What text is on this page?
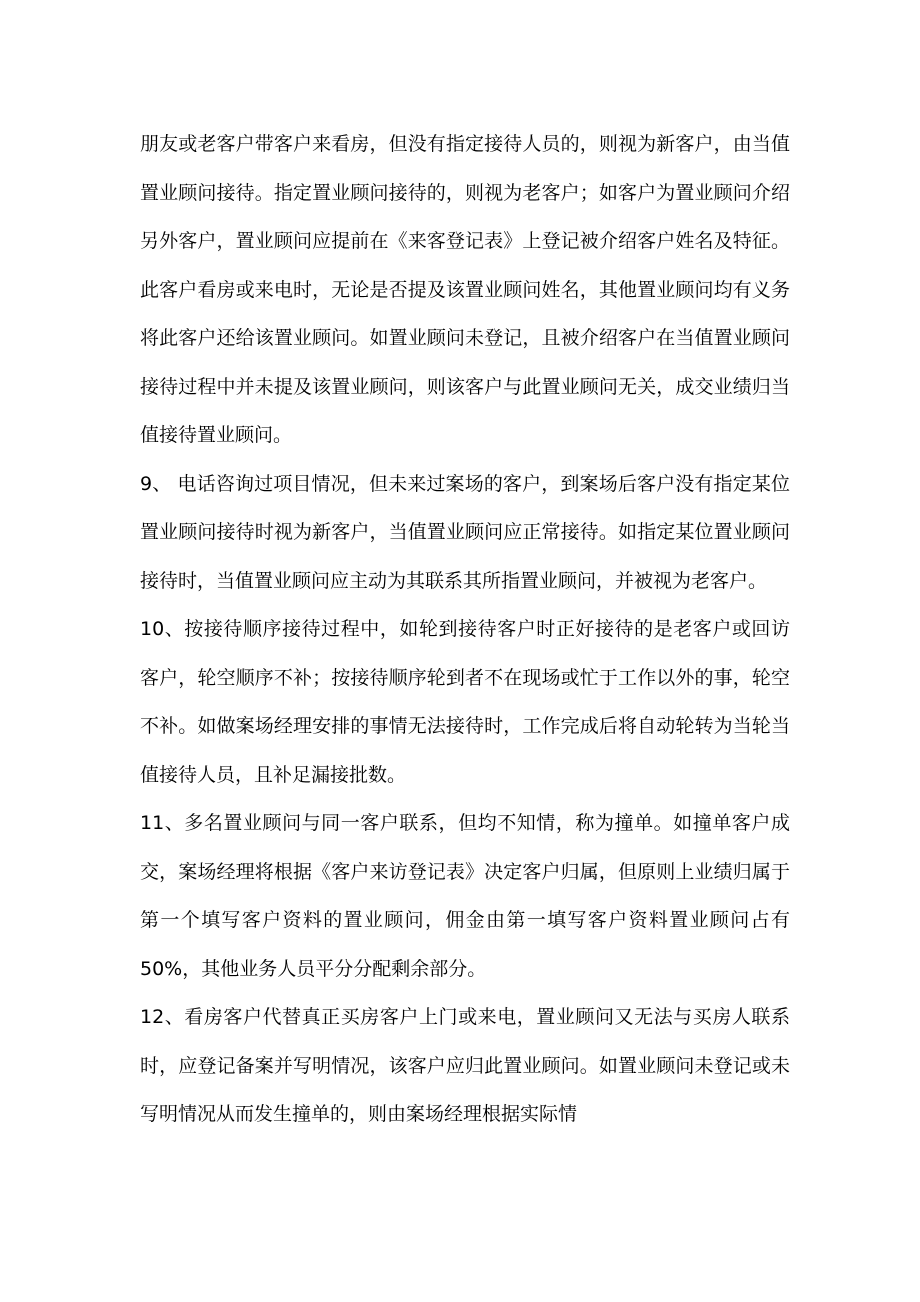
朋友或老客户带客户来看房，但没有指定接待人员的，则视为新客户，由当值置业顾问接待。指定置业顾问接待的，则视为老客户；如客户为置业顾问介绍另外客户，置业顾问应提前在《来客登记表》上登记被介绍客户姓名及特征。此客户看房或来电时，无论是否提及该置业顾问姓名，其他置业顾问均有义务将此客户还给该置业顾问。如置业顾问未登记，且被介绍客户在当值置业顾问接待过程中并未提及该置业顾问，则该客户与此置业顾问无关，成交业绩归当值接待置业顾问。

9、 电话咨询过项目情况，但未来过案场的客户，到案场后客户没有指定某位置业顾问接待时视为新客户，当值置业顾问应正常接待。如指定某位置业顾问接待时，当值置业顾问应主动为其联系其所指置业顾问，并被视为老客户。

10、按接待顺序接待过程中，如轮到接待客户时正好接待的是老客户或回访客户，轮空顺序不补；按接待顺序轮到者不在现场或忙于工作以外的事，轮空不补。如做案场经理安排的事情无法接待时，工作完成后将自动轮转为当轮当值接待人员，且补足漏接批数。

11、多名置业顾问与同一客户联系，但均不知情，称为撞单。如撞单客户成交，案场经理将根据《客户来访登记表》决定客户归属，但原则上业绩归属于第一个填写客户资料的置业顾问，佣金由第一填写客户资料置业顾问占有 50%，其他业务人员平分分配剩余部分。

12、看房客户代替真正买房客户上门或来电，置业顾问又无法与买房人联系时，应登记备案并写明情况，该客户应归此置业顾问。如置业顾问未登记或未写明情况从而发生撞单的，则由案场经理根据实际情
